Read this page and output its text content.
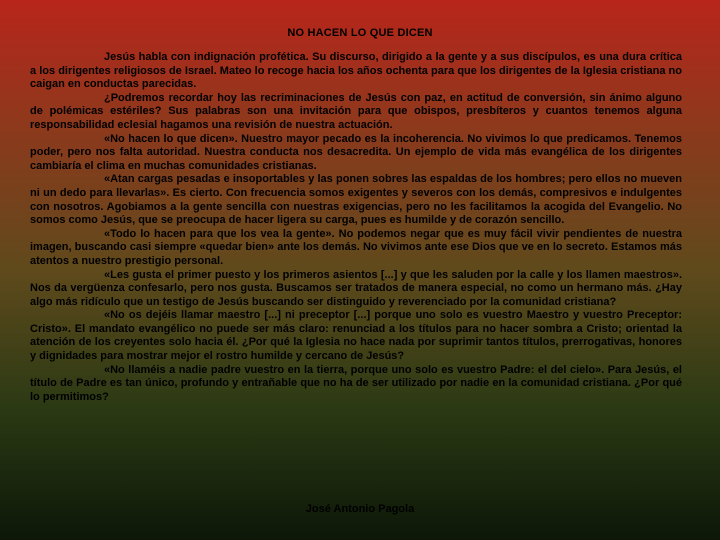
NO HACEN LO QUE DICEN

Jesús habla con indignación profética. Su discurso, dirigido a la gente y a sus discípulos, es una dura crítica a los dirigentes religiosos de Israel. Mateo lo recoge hacia los años ochenta para que los dirigentes de la Iglesia cristiana no caigan en conductas parecidas.

¿Podremos recordar hoy las recriminaciones de Jesús con paz, en actitud de conversión, sin ánimo alguno de polémicas estériles? Sus palabras son una invitación para que obispos, presbíteros y cuantos tenemos alguna responsabilidad eclesial hagamos una revisión de nuestra actuación.

«No hacen lo que dicen». Nuestro mayor pecado es la incoherencia. No vivimos lo que predicamos. Tenemos poder, pero nos falta autoridad. Nuestra conducta nos desacredita. Un ejemplo de vida más evangélica de los dirigentes cambiaría el clima en muchas comunidades cristianas.

«Atan cargas pesadas e insoportables y las ponen sobres las espaldas de los hombres; pero ellos no mueven ni un dedo para llevarlas». Es cierto. Con frecuencia somos exigentes y severos con los demás, compresivos e indulgentes con nosotros. Agobiamos a la gente sencilla con nuestras exigencias, pero no les facilitamos la acogida del Evangelio. No somos como Jesús, que se preocupa de hacer ligera su carga, pues es humilde y de corazón sencillo.

«Todo lo hacen para que los vea la gente». No podemos negar que es muy fácil vivir pendientes de nuestra imagen, buscando casi siempre «quedar bien» ante los demás. No vivimos ante ese Dios que ve en lo secreto. Estamos más atentos a nuestro prestigio personal.

«Les gusta el primer puesto y los primeros asientos [...] y que les saluden por la calle y los llamen maestros». Nos da vergüenza confesarlo, pero nos gusta. Buscamos ser tratados de manera especial, no como un hermano más. ¿Hay algo más ridículo que un testigo de Jesús buscando ser distinguido y reverenciado por la comunidad cristiana?

«No os dejéis llamar maestro [...] ni preceptor [...] porque uno solo es vuestro Maestro y vuestro Preceptor: Cristo». El mandato evangélico no puede ser más claro: renunciad a los títulos para no hacer sombra a Cristo; orientad la atención de los creyentes solo hacia él. ¿Por qué la Iglesia no hace nada por suprimir tantos títulos, prerrogativas, honores y dignidades para mostrar mejor el rostro humilde y cercano de Jesús?

«No llaméis a nadie padre vuestro en la tierra, porque uno solo es vuestro Padre: el del cielo». Para Jesús, el título de Padre es tan único, profundo y entrañable que no ha de ser utilizado por nadie en la comunidad cristiana. ¿Por qué lo permitimos?

José Antonio Pagola
